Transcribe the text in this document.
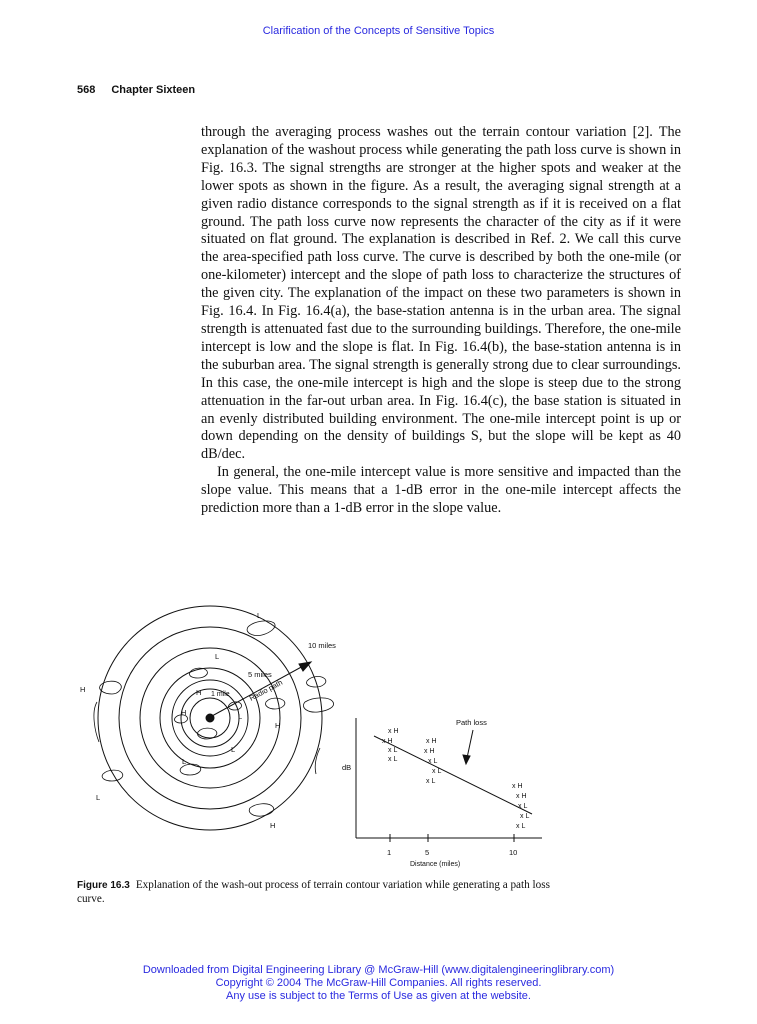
Clarification of the Concepts of Sensitive Topics
568 Chapter Sixteen

through the averaging process washes out the terrain contour variation [2]. The explanation of the washout process while generating the path loss curve is shown in Fig. 16.3. The signal strengths are stronger at the higher spots and weaker at the lower spots as shown in the figure. As a result, the averaging signal strength at a given radio distance corresponds to the signal strength as if it is received on a flat ground. The path loss curve now represents the character of the city as if it were situated on flat ground. The explanation is described in Ref. 2. We call this curve the area-specified path loss curve. The curve is described by both the one-mile (or one-kilometer) intercept and the slope of path loss to characterize the structures of the given city. The explanation of the impact on these two parameters is shown in Fig. 16.4. In Fig. 16.4(a), the base-station antenna is in the urban area. The signal strength is attenuated fast due to the surrounding buildings. Therefore, the one-mile intercept is low and the slope is flat. In Fig. 16.4(b), the base-station antenna is in the suburban area. The signal strength is generally strong due to clear surroundings. In this case, the one-mile intercept is high and the slope is steep due to the strong attenuation in the far-out urban area. In Fig. 16.4(c), the base station is situated in an evenly distributed building environment. The one-mile intercept point is up or down depending on the density of buildings S, but the slope will be kept as 40 dB/dec.

In general, the one-mile intercept value is more sensitive and impacted than the slope value. This means that a 1-dB error in the one-mile intercept affects the prediction more than a 1-dB error in the slope value.

10 miles
5 miles
1 mile Radio path
L
L
H	H
H	L
H
L
L
L
H
dB
Path loss
1	5	10
Distance (miles)
x H
x H
x L
x L
x H
x H
x L
x L
x L
x H
x H
x L
x L
x L
Figure 16.3 Explanation of the wash-out process of terrain contour variation while generating a path loss curve.
Downloaded from Digital Engineering Library @ McGraw-Hill (www.digitalengineeringlibrary.com)
Copyright © 2004 The McGraw-Hill Companies. All rights reserved.
Any use is subject to the Terms of Use as given at the website.
